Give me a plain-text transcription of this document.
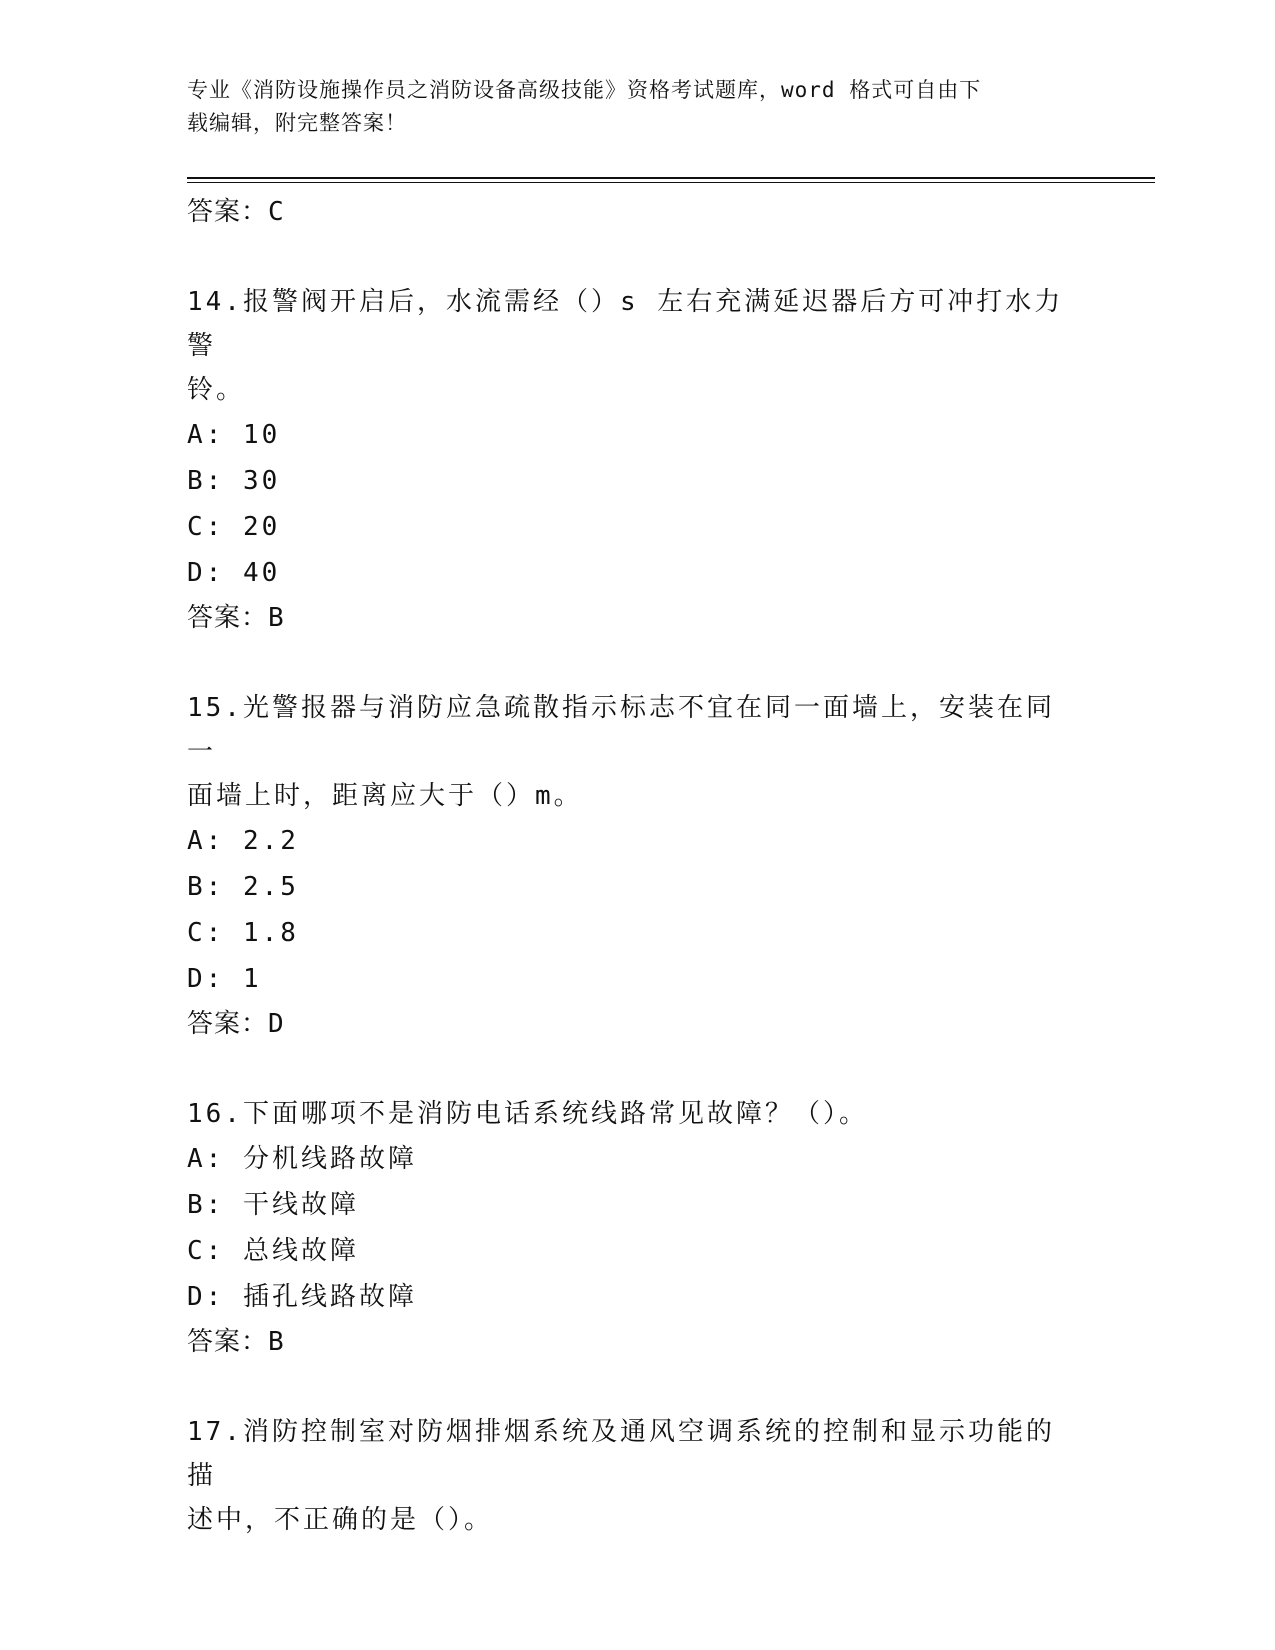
专业《消防设施操作员之消防设备高级技能》资格考试题库，word 格式可自由下
载编辑，附完整答案！
答案：C
14.报警阀开启后，水流需经（）s 左右充满延迟器后方可冲打水力警
铃。
A: 10
B: 30
C: 20
D: 40
答案：B
15.光警报器与消防应急疏散指示标志不宜在同一面墙上，安装在同一
面墙上时，距离应大于（）m。
A: 2.2
B: 2.5
C: 1.8
D: 1
答案：D
16.下面哪项不是消防电话系统线路常见故障？（）。
A: 分机线路故障
B: 干线故障
C: 总线故障
D: 插孔线路故障
答案：B
17.消防控制室对防烟排烟系统及通风空调系统的控制和显示功能的描
述中，不正确的是（）。
